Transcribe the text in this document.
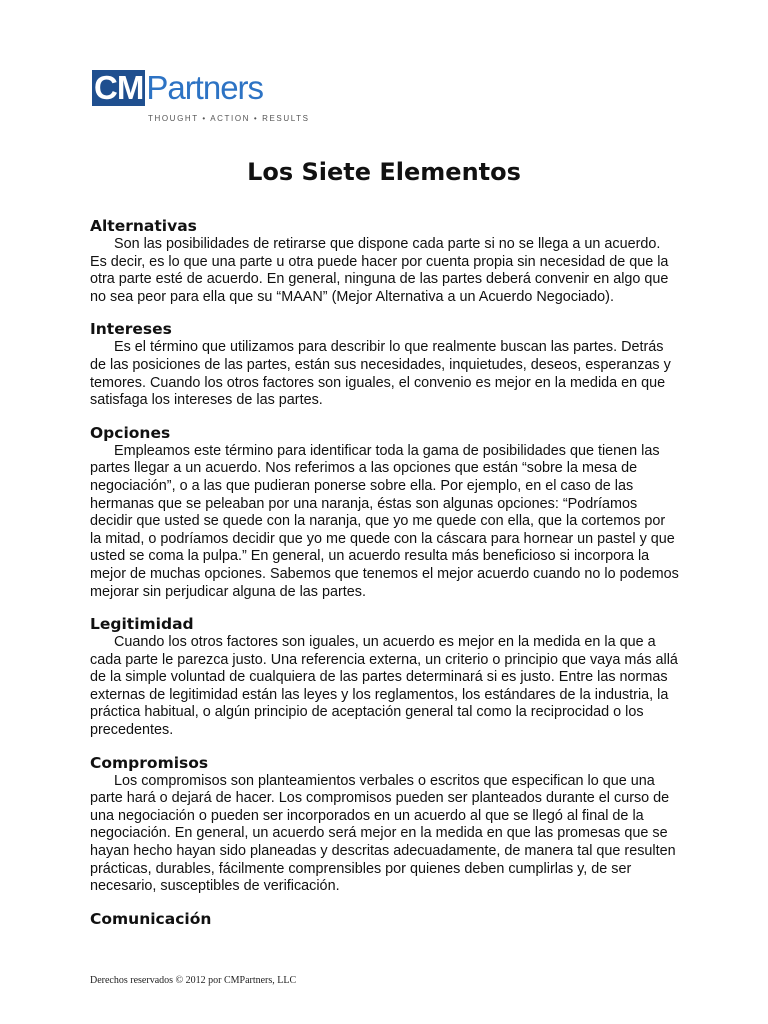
CMPartners
THOUGHT • ACTION • RESULTS
Los Siete Elementos
Alternativas

Son las posibilidades de retirarse que dispone cada parte si no se llega a un acuerdo. Es decir, es lo que una parte u otra puede hacer por cuenta propia sin necesidad de que la otra parte esté de acuerdo. En general, ninguna de las partes deberá convenir en algo que no sea peor para ella que su “MAAN” (Mejor Alternativa a un Acuerdo Negociado).

Intereses

Es el término que utilizamos para describir lo que realmente buscan las partes. Detrás de las posiciones de las partes, están sus necesidades, inquietudes, deseos, esperanzas y temores. Cuando los otros factores son iguales, el convenio es mejor en la medida en que satisfaga los intereses de las partes.

Opciones

Empleamos este término para identificar toda la gama de posibilidades que tienen las partes llegar a un acuerdo. Nos referimos a las opciones que están “sobre la mesa de negociación”, o a las que pudieran ponerse sobre ella. Por ejemplo, en el caso de las hermanas que se peleaban por una naranja, éstas son algunas opciones: “Podríamos decidir que usted se quede con la naranja, que yo me quede con ella, que la cortemos por la mitad, o podríamos decidir que yo me quede con la cáscara para hornear un pastel y que usted se coma la pulpa.” En general, un acuerdo resulta más beneficioso si incorpora la mejor de muchas opciones. Sabemos que tenemos el mejor acuerdo cuando no lo podemos mejorar sin perjudicar alguna de las partes.

Legitimidad

Cuando los otros factores son iguales, un acuerdo es mejor en la medida en la que a cada parte le parezca justo. Una referencia externa, un criterio o principio que vaya más allá de la simple voluntad de cualquiera de las partes determinará si es justo. Entre las normas externas de legitimidad están las leyes y los reglamentos, los estándares de la industria, la práctica habitual, o algún principio de aceptación general tal como la reciprocidad o los precedentes.

Compromisos

Los compromisos son planteamientos verbales o escritos que especifican lo que una parte hará o dejará de hacer. Los compromisos pueden ser planteados durante el curso de una negociación o pueden ser incorporados en un acuerdo al que se llegó al final de la negociación. En general, un acuerdo será mejor en la medida en que las promesas que se hayan hecho hayan sido planeadas y descritas adecuadamente, de manera tal que resulten prácticas, durables, fácilmente comprensibles por quienes deben cumplirlas y, de ser necesario, susceptibles de verificación.

Comunicación
Derechos reservados © 2012 por CMPartners, LLC
